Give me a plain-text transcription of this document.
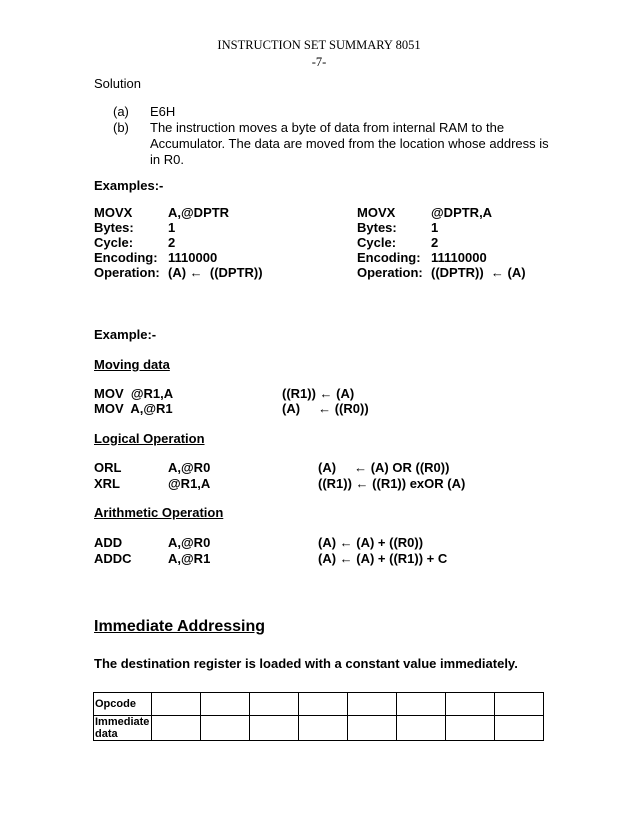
INSTRUCTION SET SUMMARY 8051
-7-
Solution
(a) E6H
(b) The instruction moves a byte of data from internal RAM to the
Accumulator. The data are moved from the location whose address is
in R0.
Examples:-
MOVX	A,@DPTR
Bytes:	1
Cycle:	2
Encoding: 1110000
Operation: (A) ←  ((DPTR))
MOVX	@DPTR,A
Bytes:	1
Cycle:	2
Encoding: 11110000
Operation: ((DPTR))  ← (A)
Example:-
Moving data
MOV  @R1,A	((R1)) ← (A)
MOV  A,@R1	(A)     ← ((R0))
Logical Operation
ORL	A,@R0	(A)     ← (A) OR ((R0))
XRL	@R1,A	((R1)) ← ((R1)) exOR (A)
Arithmetic Operation
ADD	A,@R0	(A) ← (A) + ((R0))
ADDC	A,@R1	(A) ← (A) + ((R1)) + C
Immediate Addressing
The destination register is loaded with a constant value immediately.
Opcode								
Immediate
data								
